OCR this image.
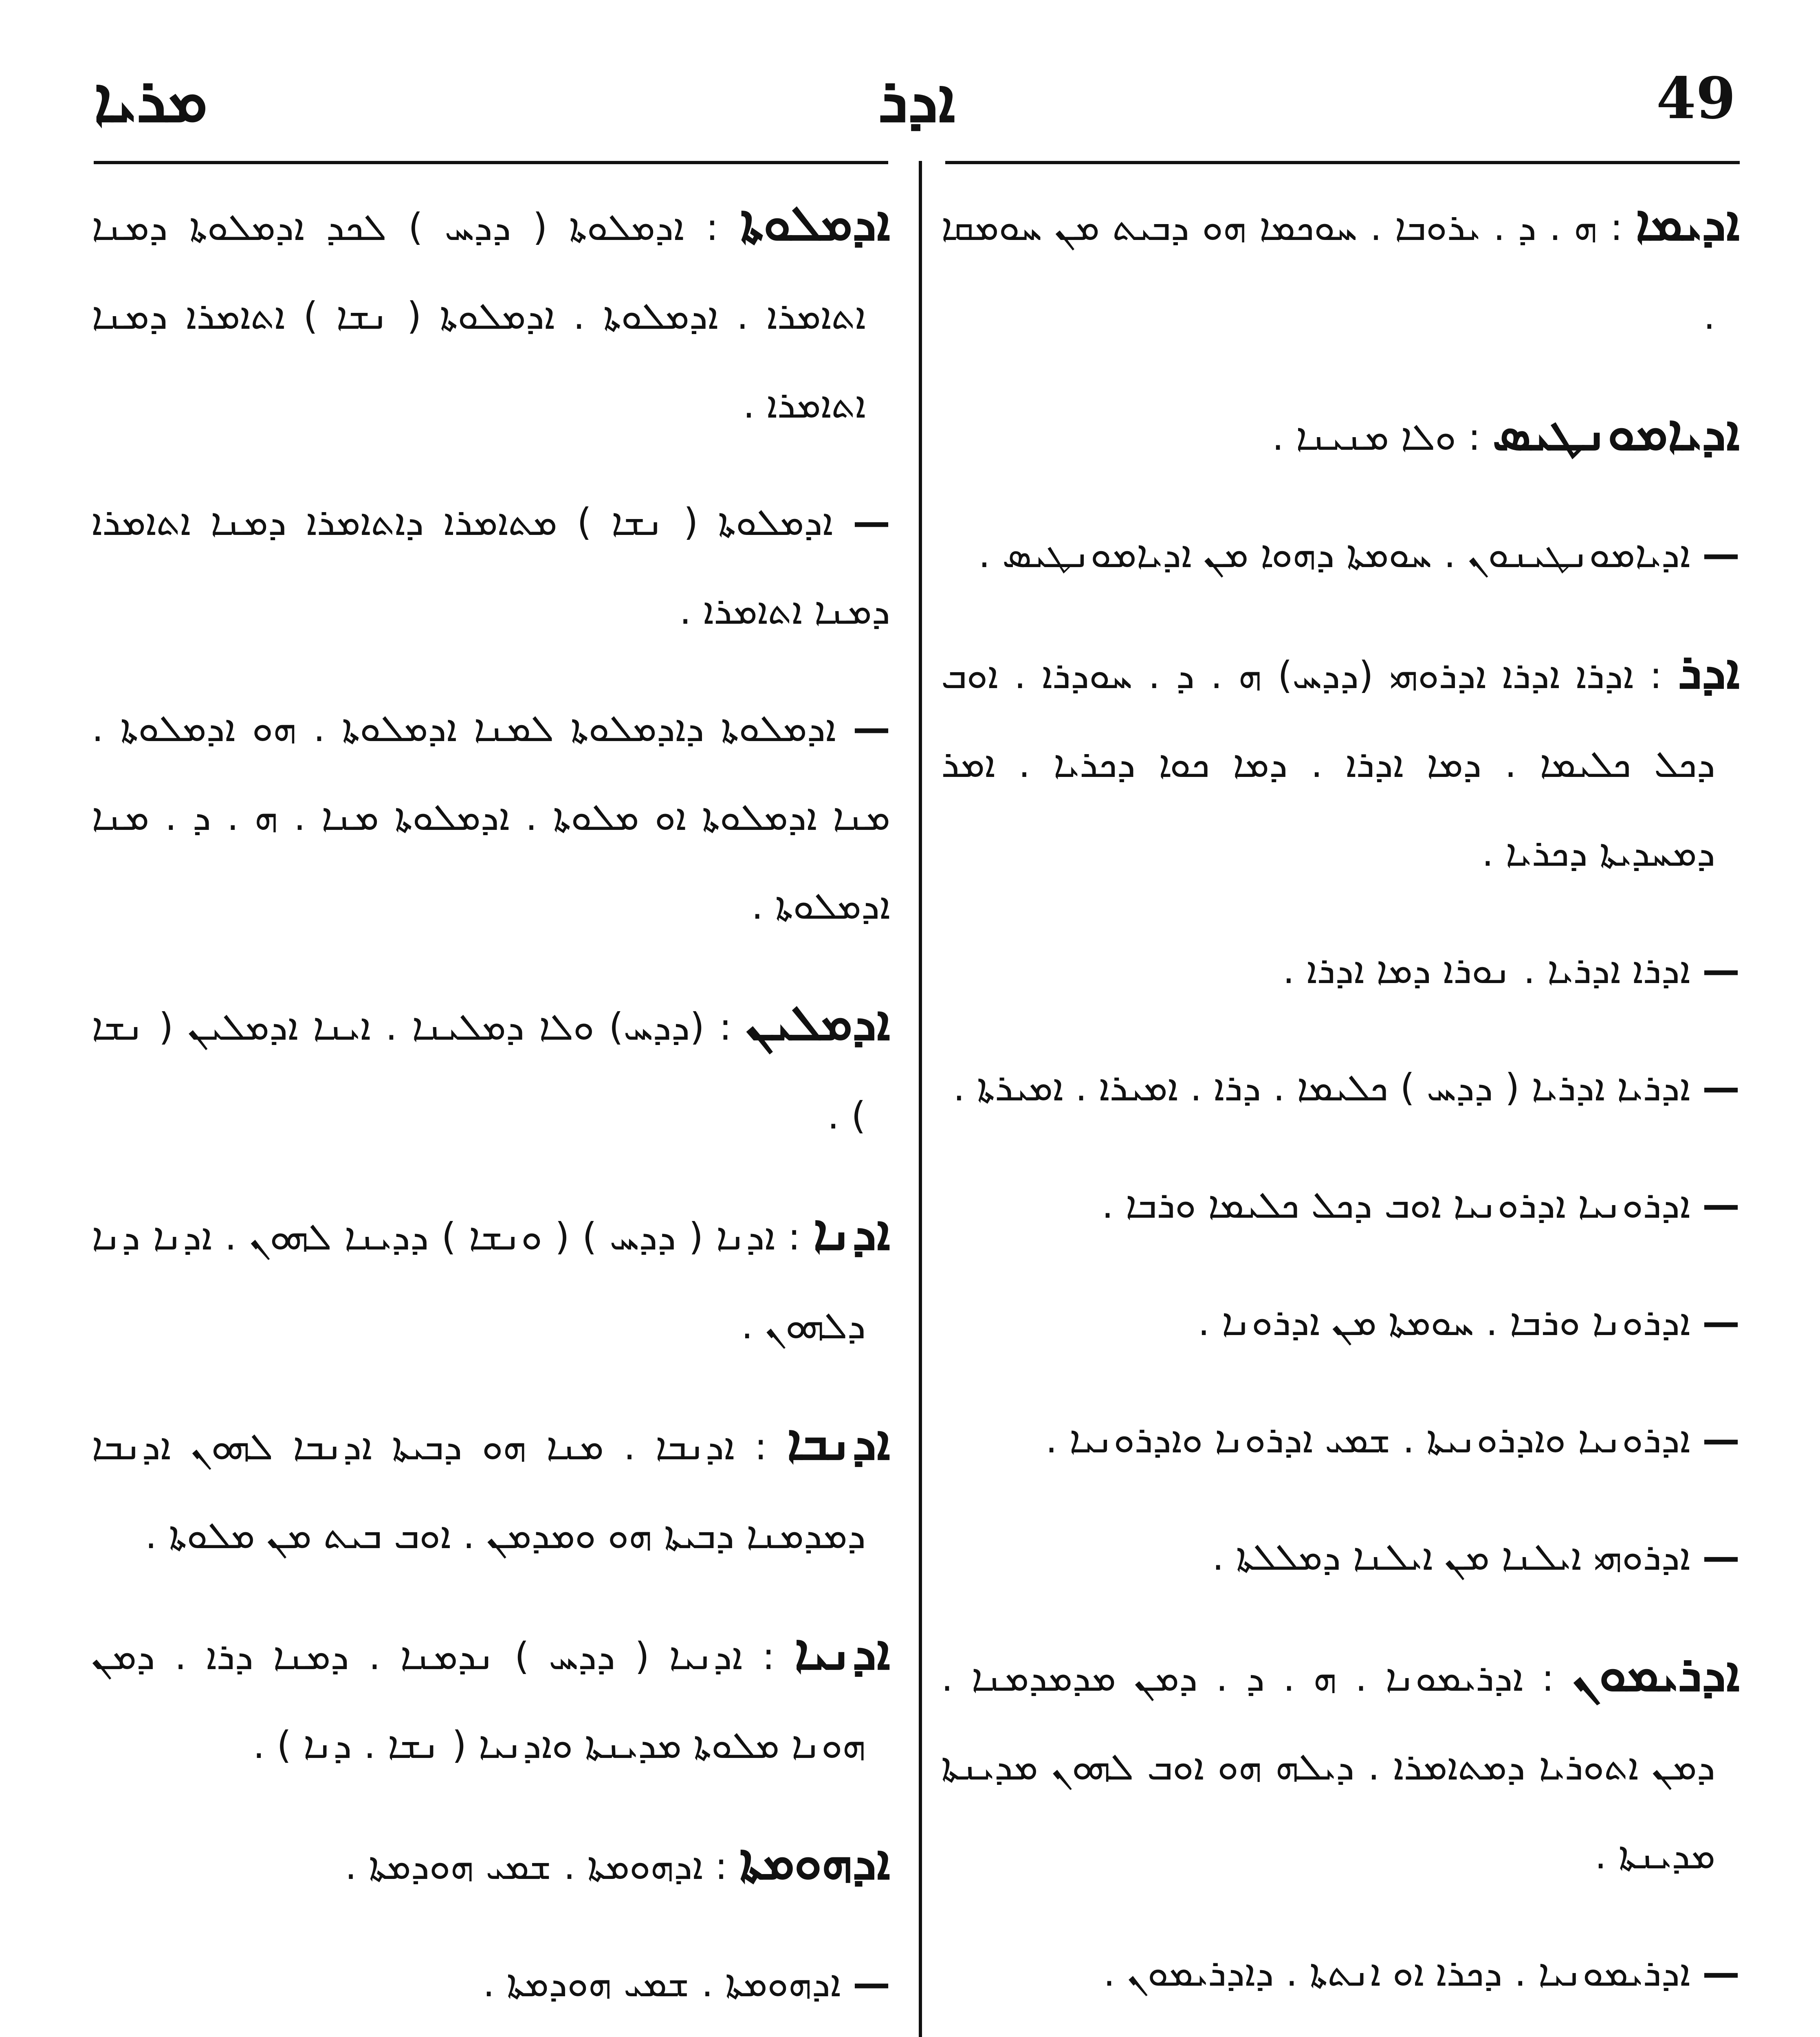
ܡܪܝܐ	ܐܕܪ	49

ܐܕܝܡܐ : ܗ . ܕ . ܝܪܘܒܐ . ܚܘܟܡܐ ܗܘ ܕܒܝܬ ܡܢ ܚܘܡܩܐ .

ܐܕܝܐܡܘܢܛܝܣ : ܘܠܐ ܡܢܝܢܐ .

— ܐܕܝܐܡܘܢܛܝܢܘܢ . ܚܘܡܬܐ ܕܗܘܐ ܡܢ ܐܕܝܐܡܘܢܛܝܣ .

ܐܕܪ : ܐܕܪܐ ܐܕܪܐ ܐܕܪܘܗܝ (ܕܕܚ) ܗ . ܕ . ܚܘܕܪܐ . ܐܘܒ ܕܟܠ ܟܠܝܡܐ . ܕܡܐ ܐܕܪܐ . ܕܡܐ ܟܘܐ ܕܟܪܝܐ . ܐܡܪ ܕܡܚܕܝܬܐ ܕܟܪܝܐ .

— ܐܕܪܐ ܐܕܪܝܐ . ܢܘܪܐ ܕܡܐ ܐܕܪܐ .

— ܐܕܪܝܐ ܐܕܪܝܐ ( ܕܕܚ ) ܟܠܝܡܐ . ܕܪܐ . ܐܡܝܪܐ . ܐܡܝܪܬܐ .

— ܐܕܪܘܢܝܐ ܐܕܪܘܢܝܐ ܐܘܒ ܕܟܠ ܟܠܝܡܐ ܘܪܒܐ .

— ܐܕܪܘܢܐ ܘܪܒܐ . ܚܘܡܬܐ ܡܢ ܐܕܪܘܢܐ .

— ܐܕܪܘܢܝܐ ܘܐܕܪܘܢܝܬܐ . ܫܡܝ ܐܕܪܘܢܐ ܘܐܕܪܘܢܝܐ .

— ܐܕܪܘܗܝ ܐܝܠܢܐ ܡܢ ܐܝܠܢܐ ܕܡܠܠܬܐ .

ܐܕܪܝܡܘܢ : ܐܕܪܝܡܘܢܐ . ܗ . ܕ . ܕܡܢ ܡܕܡܕܡܢܐ . ܕܡܢ ܐܬܘܪܝܐ ܕܡܬܐܡܪܐ . ܕܝܠܗ ܗܘ ܐܘܒ ܠܗܘܢ ܡܕܝܢܬܐ ܡܕܝܢܬܐ .

— ܐܕܪܝܡܘܢܝܐ . ܕܟܪܐ ܐܘ ܐܢܬܬܐ . ܕܐܕܪܝܡܘܢ .

ܐܕܡܠܘܬܐ : ܐܕܡܠܘܬܐ ( ܕܕܚ ) ܠܟܕ ܐܕܡܠܘܬܐ ܕܡܢܐ ܐܬܐܡܪܐ . ܐܕܡܠܘܬܐ . ܐܕܡܠܘܬܐ ( ܢܫܐ ) ܐܬܐܡܪܐ ܕܡܢܐ ܐܬܐܡܪܐ .

— ܐܕܡܠܘܬܐ ( ܢܫܐ ) ܡܬܐܡܪܐ ܕܐܬܐܡܪܐ ܕܡܢܐ ܐܬܐܡܪܐ ܕܡܢܐ ܐܬܐܡܪܐ .

— ܐܕܡܠܘܬܐ ܕܐܕܡܠܘܬܐ ܠܡܢܐ ܐܕܡܠܘܬܐ . ܗܘ ܐܕܡܠܘܬܐ . ܡܢܐ ܐܕܡܠܘܬܐ ܐܘ ܡܠܘܬܐ . ܐܕܡܠܘܬܐ ܡܢܐ . ܗ . ܕ . ܡܢܐ ܐܕܡܠܘܬܐ .

ܐܕܡܠܝܢ : (ܕܕܚ) ܘܠܐ ܕܡܠܝܢܐ . ܐܝܢܐ ܐܕܡܠܝܢ ( ܢܫܐ ) .

ܐܕܢܐ : ܐܕܢܐ ( ܕܕܚ ) ( ܘܢܫܐ ) ܕܕܝܢܐ ܠܗܘܢ . ܐܕܢܐ ܕܢܐ ܕܠܗܘܢ .

ܐܕܢܒܐ : ܐܕܢܒܐ . ܡܢܐ ܗܘ ܕܒܝܬܐ ܐܕܢܒܐ ܠܗܘܢ ܐܕܢܒܐ ܕܡܕܡܢܐ ܕܒܝܬܐ ܗܘ ܘܡܕܡܢ . ܐܘܒ ܒܝܬ ܡܢ ܡܠܘܬܐ .

ܐܕܢܝܐ : ܐܕܢܝܐ ( ܕܕܚ ) ܢܕܡܢܐ . ܕܡܢܐ ܕܪܐ . ܕܡܢ ܗܘܢܐ ܡܠܘܬܐ ܡܕܝܢܬܐ ܘܐܕܢܝܐ ( ܢܫܐ . ܕܢܐ ) .

ܐܕܗܘܡܬܐ : ܐܕܗܘܡܬܐ . ܫܡܝ ܗܘܕܡܬܐ .

— ܐܕܗܘܡܬܐ . ܫܡܝ ܗܘܕܡܬܐ .
